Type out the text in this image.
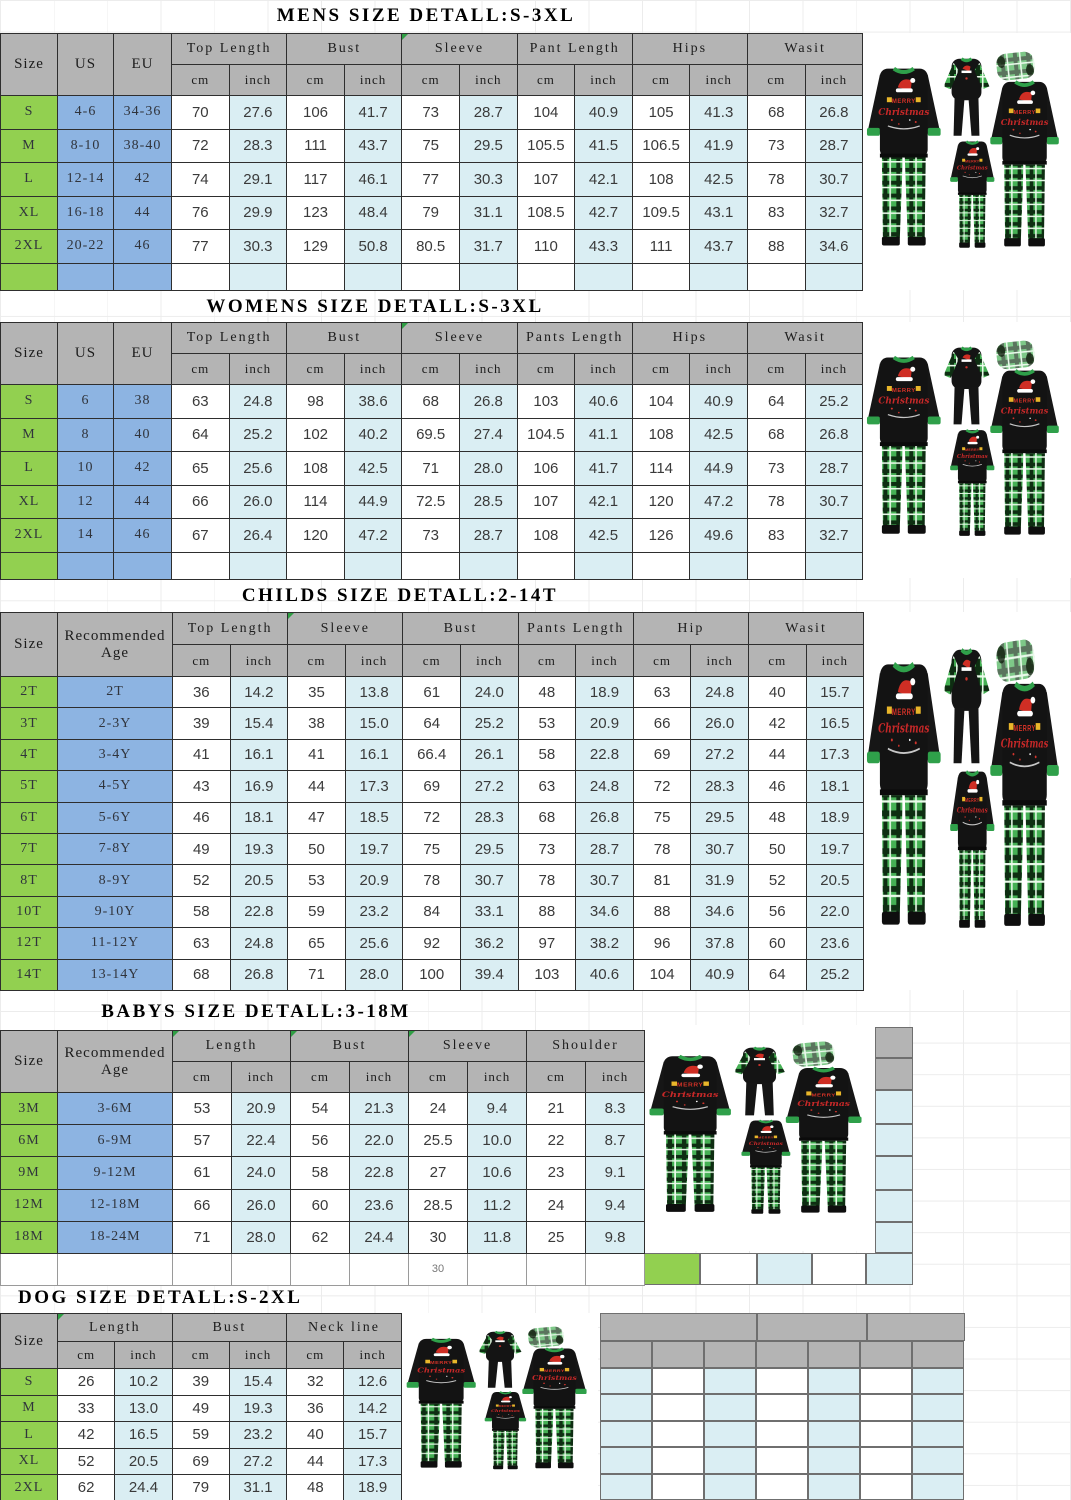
MENS SIZE DETALL:S-3XL
WOMENS SIZE DETALL:S-3XL
CHILDS SIZE DETALL:2-14T
BABYS SIZE DETALL:3-18M
DOG SIZE DETALL:S-2XL
Size	US	EU	Top Length		Bust		Sleeve		Pant Length		Hips		Wasit	
			cm	inch	cm	inch	cm	inch	cm	inch	cm	inch	cm	inch
S	4-6	34-36	70	27.6	106	41.7	73	28.7	104	40.9	105	41.3	68	26.8
M	8-10	38-40	72	28.3	111	43.7	75	29.5	105.5	41.5	106.5	41.9	73	28.7
L	12-14	42	74	29.1	117	46.1	77	30.3	107	42.1	108	42.5	78	30.7
XL	16-18	44	76	29.9	123	48.4	79	31.1	108.5	42.7	109.5	43.1	83	32.7
2XL	20-22	46	77	30.3	129	50.8	80.5	31.7	110	43.3	111	43.7	88	34.6

Size	US	EU	Top Length		Bust		Sleeve		Pants Length		Hips		Wasit	
			cm	inch	cm	inch	cm	inch	cm	inch	cm	inch	cm	inch
S	6	38	63	24.8	98	38.6	68	26.8	103	40.6	104	40.9	64	25.2
M	8	40	64	25.2	102	40.2	69.5	27.4	104.5	41.1	108	42.5	68	26.8
L	10	42	65	25.6	108	42.5	71	28.0	106	41.7	114	44.9	73	28.7
XL	12	44	66	26.0	114	44.9	72.5	28.5	107	42.1	120	47.2	78	30.7
2XL	14	46	67	26.4	120	47.2	73	28.7	108	42.5	126	49.6	83	32.7

Size	Recommended Age	Top Length		Sleeve		Bust		Pants Length		Hip		Wasit	
		cm	inch	cm	inch	cm	inch	cm	inch	cm	inch	cm	inch
2T	2T	36	14.2	35	13.8	61	24.0	48	18.9	63	24.8	40	15.7
3T	2-3Y	39	15.4	38	15.0	64	25.2	53	20.9	66	26.0	42	16.5
4T	3-4Y	41	16.1	41	16.1	66.4	26.1	58	22.8	69	27.2	44	17.3
5T	4-5Y	43	16.9	44	17.3	69	27.2	63	24.8	72	28.3	46	18.1
6T	5-6Y	46	18.1	47	18.5	72	28.3	68	26.8	75	29.5	48	18.9
7T	7-8Y	49	19.3	50	19.7	75	29.5	73	28.7	78	30.7	50	19.7
8T	8-9Y	52	20.5	53	20.9	78	30.7	78	30.7	81	31.9	52	20.5
10T	9-10Y	58	22.8	59	23.2	84	33.1	88	34.6	88	34.6	56	22.0
12T	11-12Y	63	24.8	65	25.6	92	36.2	97	38.2	96	37.8	60	23.6
14T	13-14Y	68	26.8	71	28.0	100	39.4	103	40.6	104	40.9	64	25.2
Size	Recommended Age	Length		Bust		Sleeve		Shoulder	
		cm	inch	cm	inch	cm	inch	cm	inch
3M	3-6M	53	20.9	54	21.3	24	9.4	21	8.3
6M	6-9M	57	22.4	56	22.0	25.5	10.0	22	8.7
9M	9-12M	61	24.0	58	22.8	27	10.6	23	9.1
12M	12-18M	66	26.0	60	23.6	28.5	11.2	24	9.4
18M	18-24M	71	28.0	62	24.4	30	11.8	25	9.8
						30			
Size	Length		Bust		Neck line	
	cm	inch	cm	inch	cm	inch
S	26	10.2	39	15.4	32	12.6
M	33	13.0	49	19.3	36	14.2
L	42	16.5	59	23.2	40	15.7
XL	52	20.5	69	27.2	44	17.3
2XL	62	24.4	79	31.1	48	18.9
MERRY
Christmas	MERRY
Christmas
MERRY
Christmas
MERRY
Christmas	MERRY
Christmas
MERRY
Christmas
MERRY
Christmas	MERRY
Christmas
MERRY
Christmas
MERRY
Christmas	MERRY
Christmas
MERRY
Christmas
MERRY
Christmas	MERRY
Christmas
MERRY
Christmas
